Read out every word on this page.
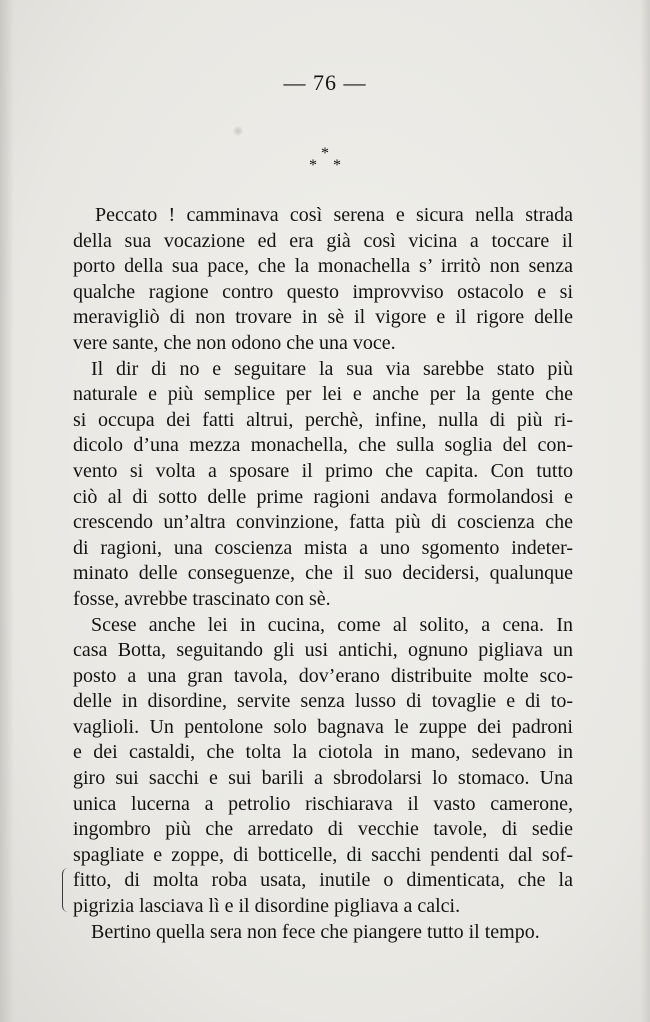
— 76 —
*
* *
Peccato ! camminava così serena e sicura nella strada
della sua vocazione ed era già così vicina a toccare il
porto della sua pace, che la monachella s’ irritò non senza
qualche ragione contro questo improvviso ostacolo e si
meravigliò di non trovare in sè il vigore e il rigore delle
vere sante, che non odono che una voce.
Il dir di no e seguitare la sua via sarebbe stato più
naturale e più semplice per lei e anche per la gente che
si occupa dei fatti altrui, perchè, infine, nulla di più ri-
dicolo d’una mezza monachella, che sulla soglia del con-
vento si volta a sposare il primo che capita. Con tutto
ciò al di sotto delle prime ragioni andava formolandosi e
crescendo un’altra convinzione, fatta più di coscienza che
di ragioni, una coscienza mista a uno sgomento indeter-
minato delle conseguenze, che il suo decidersi, qualunque
fosse, avrebbe trascinato con sè.
Scese anche lei in cucina, come al solito, a cena. In
casa Botta, seguitando gli usi antichi, ognuno pigliava un
posto a una gran tavola, dov’erano distribuite molte sco-
delle in disordine, servite senza lusso di tovaglie e di to-
vaglioli. Un pentolone solo bagnava le zuppe dei padroni
e dei castaldi, che tolta la ciotola in mano, sedevano in
giro sui sacchi e sui barili a sbrodolarsi lo stomaco. Una
unica lucerna a petrolio rischiarava il vasto camerone,
ingombro più che arredato di vecchie tavole, di sedie
spagliate e zoppe, di botticelle, di sacchi pendenti dal sof-
fitto, di molta roba usata, inutile o dimenticata, che la
pigrizia lasciava lì e il disordine pigliava a calci.
Bertino quella sera non fece che piangere tutto il tempo.
